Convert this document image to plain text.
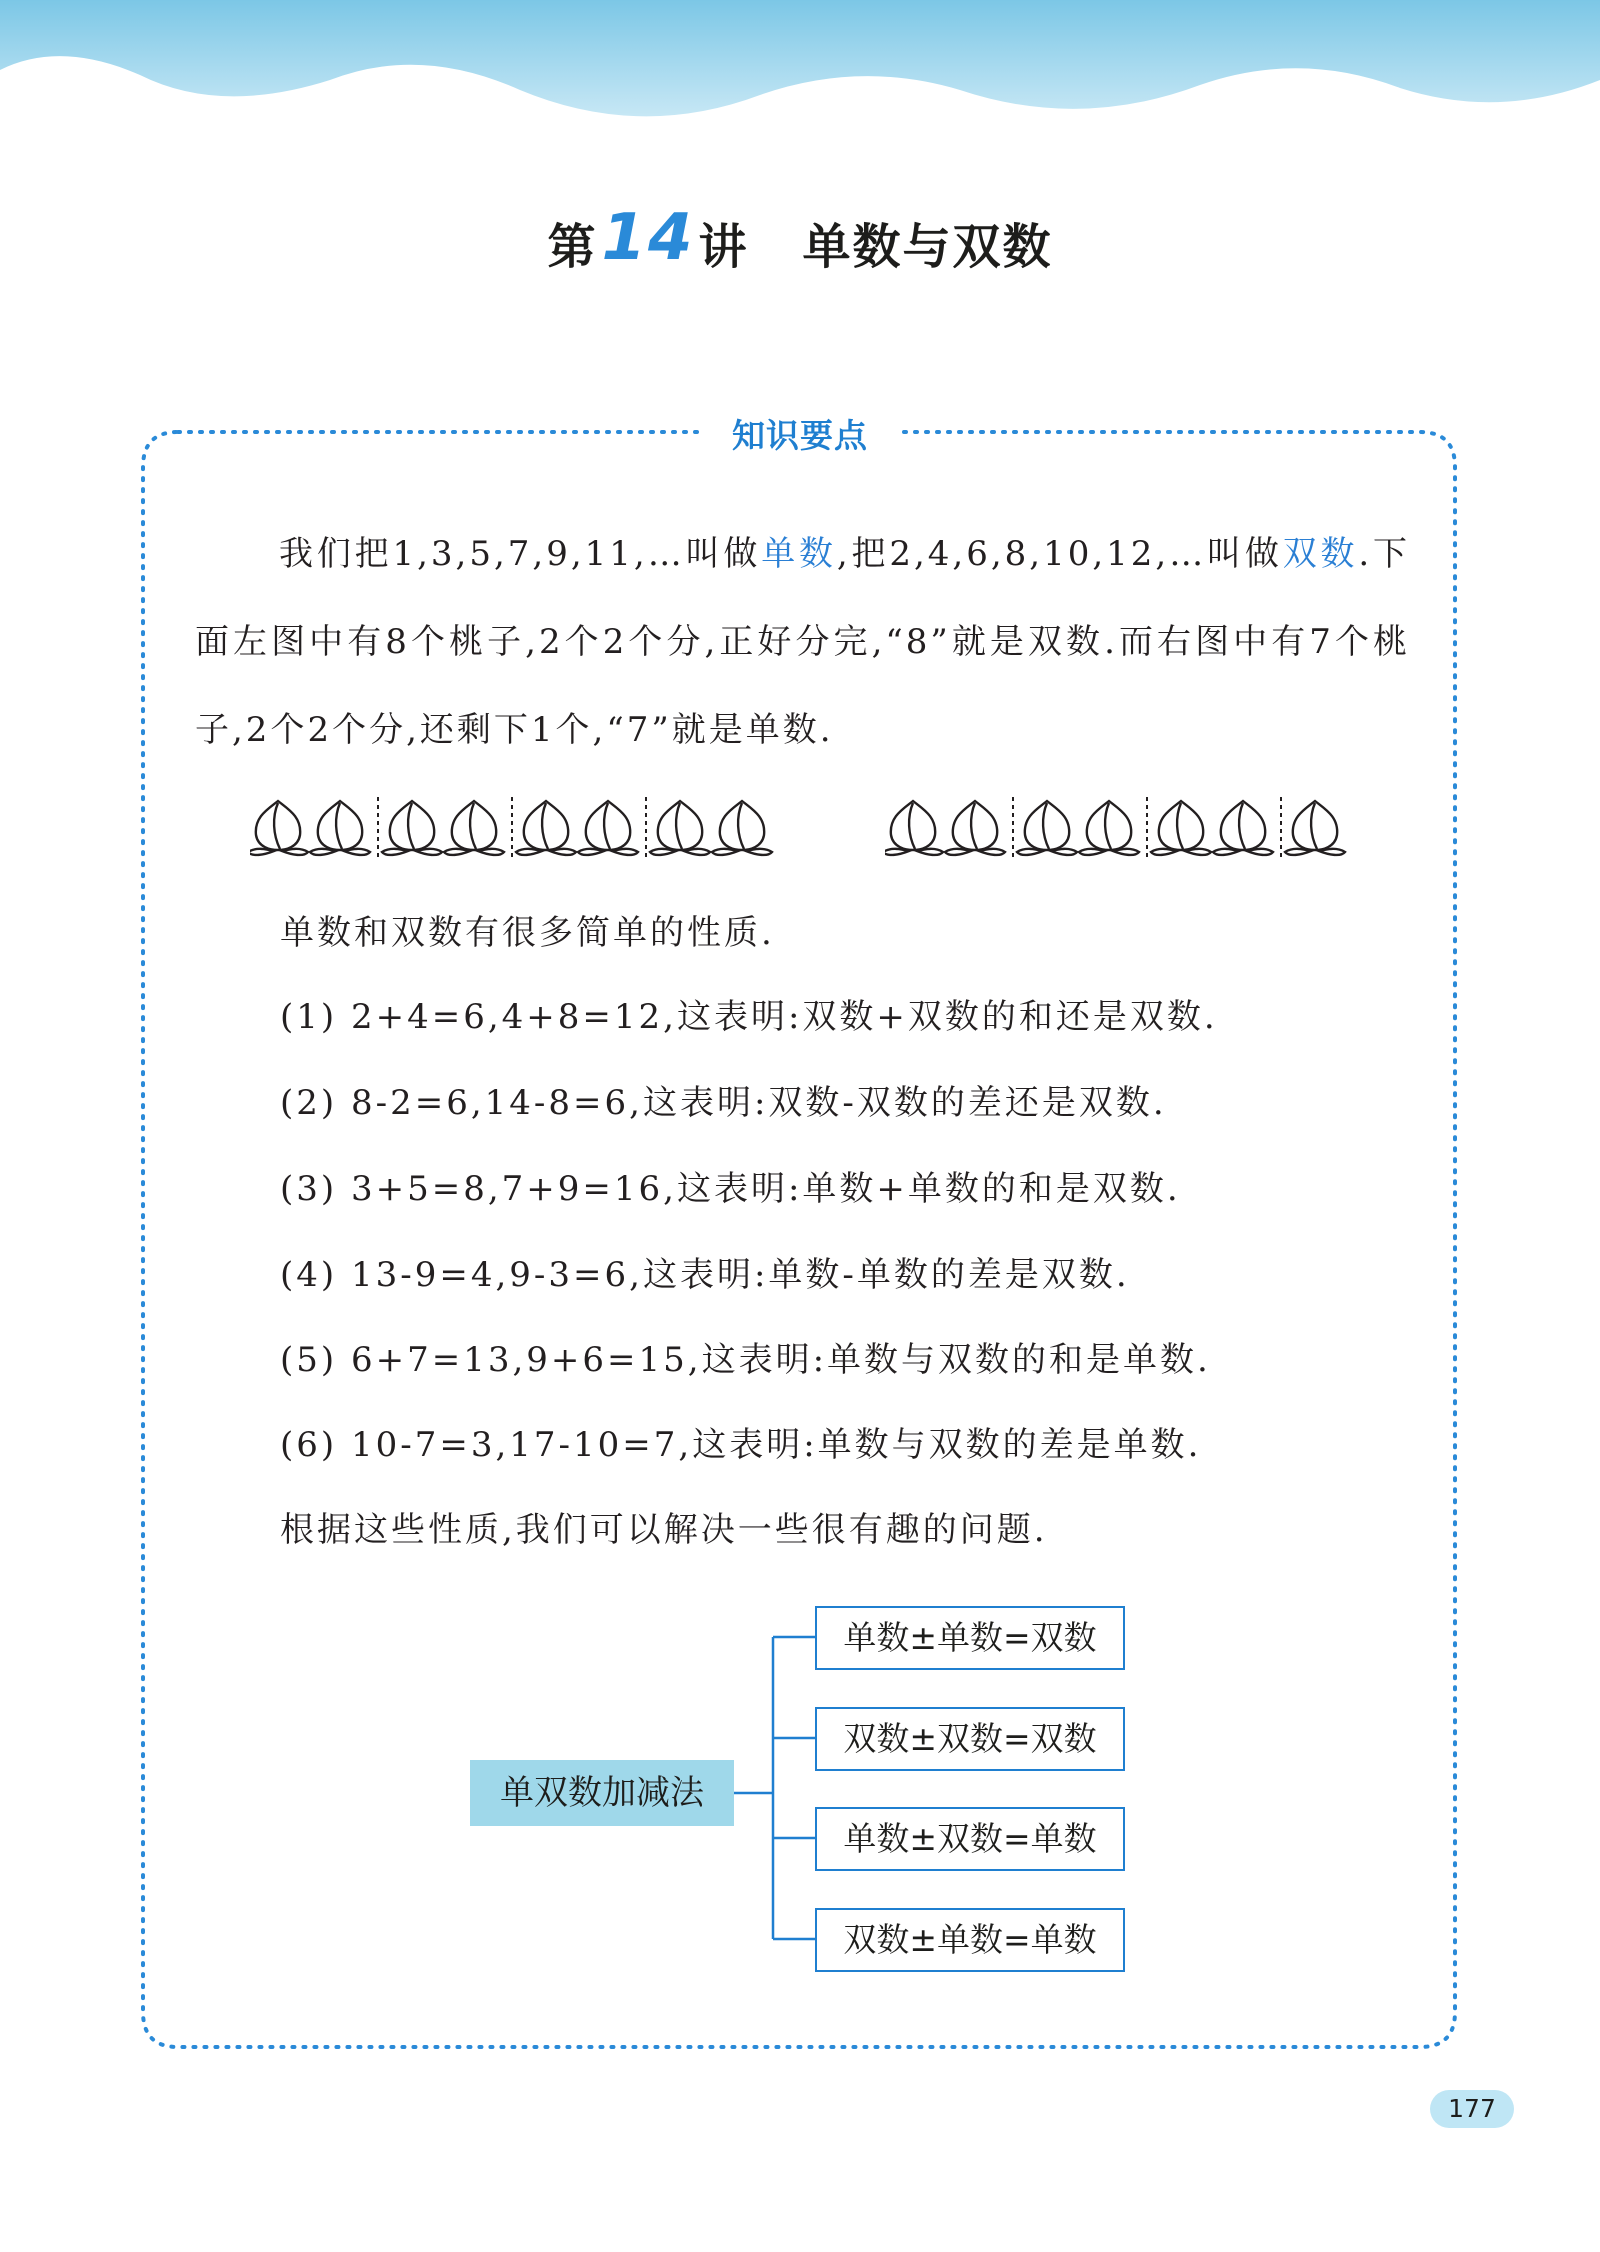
第14讲 单数与双数
知识要点
我们把1,3,5,7,9,11,…叫做单数,把2,4,6,8,10,12,…叫做双数.下面左图中有8个桃子,2个2个分,正好分完,“8”就是双数.而右图中有7个桃子,2个2个分,还剩下1个,“7”就是单数.
单数和双数有很多简单的性质.
(1) 2+4=6,4+8=12,这表明:双数+双数的和还是双数.
(2) 8-2=6,14-8=6,这表明:双数-双数的差还是双数.
(3) 3+5=8,7+9=16,这表明:单数+单数的和是双数.
(4) 13-9=4,9-3=6,这表明:单数-单数的差是双数.
(5) 6+7=13,9+6=15,这表明:单数与双数的和是单数.
(6) 10-7=3,17-10=7,这表明:单数与双数的差是单数.
根据这些性质,我们可以解决一些很有趣的问题.
单双数加减法
单数±单数=双数
双数±双数=双数
单数±双数=单数
双数±单数=单数
177
